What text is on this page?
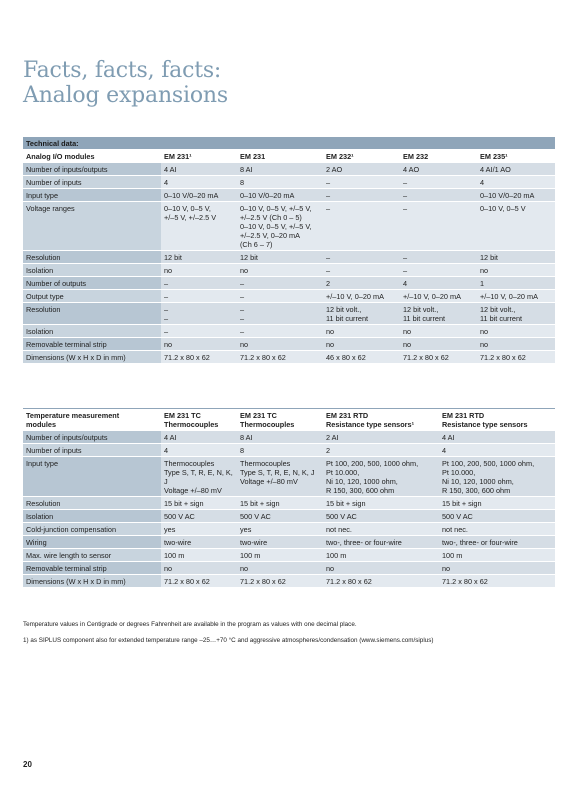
Facts, facts, facts:
Analog expansions
Technical data:					
Analog I/O modules	EM 231¹	EM 231	EM 232¹	EM 232	EM 235¹
Number of inputs/outputs	4 AI	8 AI	2 AO	4 AO	4 AI/1 AO
Number of inputs	4	8	–	–	4
Input type	0–10 V/0–20 mA	0–10 V/0–20 mA	–	–	0–10 V/0–20 mA
Voltage ranges	0–10 V, 0–5 V,
+/–5 V, +/–2.5 V	0–10 V, 0–5 V, +/–5 V,
+/–2.5 V (Ch 0 – 5)
0–10 V, 0–5 V, +/–5 V,
+/–2.5 V, 0–20 mA
(Ch 6 – 7)	–	–	0–10 V, 0–5 V
Resolution	12 bit	12 bit	–	–	12 bit
Isolation	no	no	–	–	no
Number of outputs	–	–	2	4	1
Output type	–	–	+/–10 V, 0–20 mA	+/–10 V, 0–20 mA	+/–10 V, 0–20 mA
Resolution	–
–	–
–	12 bit volt.,
11 bit current	12 bit volt.,
11 bit current	12 bit volt.,
11 bit current
Isolation	–	–	no	no	no
Removable terminal strip	no	no	no	no	no
Dimensions (W x H x D in mm)	71.2 x 80 x 62	71.2 x 80 x 62	46 x 80 x 62	71.2 x 80 x 62	71.2 x 80 x 62
Temperature measurement
modules	EM 231 TC
Thermocouples	EM 231 TC
Thermocouples	EM 231 RTD
Resistance type sensors¹	EM 231 RTD
Resistance type sensors
Number of inputs/outputs	4 AI	8 AI	2 AI	4 AI
Number of inputs	4	8	2	4
Input type	Thermocouples
Type S, T, R, E, N, K, J
Voltage +/–80 mV	Thermocouples
Type S, T, R, E, N, K, J
Voltage +/–80 mV	Pt 100, 200, 500, 1000 ohm,
Pt 10.000,
Ni 10, 120, 1000 ohm,
R 150, 300, 600 ohm	Pt 100, 200, 500, 1000 ohm,
Pt 10.000,
Ni 10, 120, 1000 ohm,
R 150, 300, 600 ohm
Resolution	15 bit + sign	15 bit + sign	15 bit + sign	15 bit + sign
Isolation	500 V AC	500 V AC	500 V AC	500 V AC
Cold-junction compensation	yes	yes	not nec.	not nec.
Wiring	two-wire	two-wire	two-, three- or four-wire	two-, three- or four-wire
Max. wire length to sensor	100 m	100 m	100 m	100 m
Removable terminal strip	no	no	no	no
Dimensions (W x H x D in mm)	71.2 x 80 x 62	71.2 x 80 x 62	71.2 x 80 x 62	71.2 x 80 x 62

Temperature values in Centigrade or degrees Fahrenheit are available in the program as values with one decimal place.

1) as SIPLUS component also for extended temperature range –25…+70 °C and aggressive atmospheres/condensation (www.siemens.com/siplus)

20
